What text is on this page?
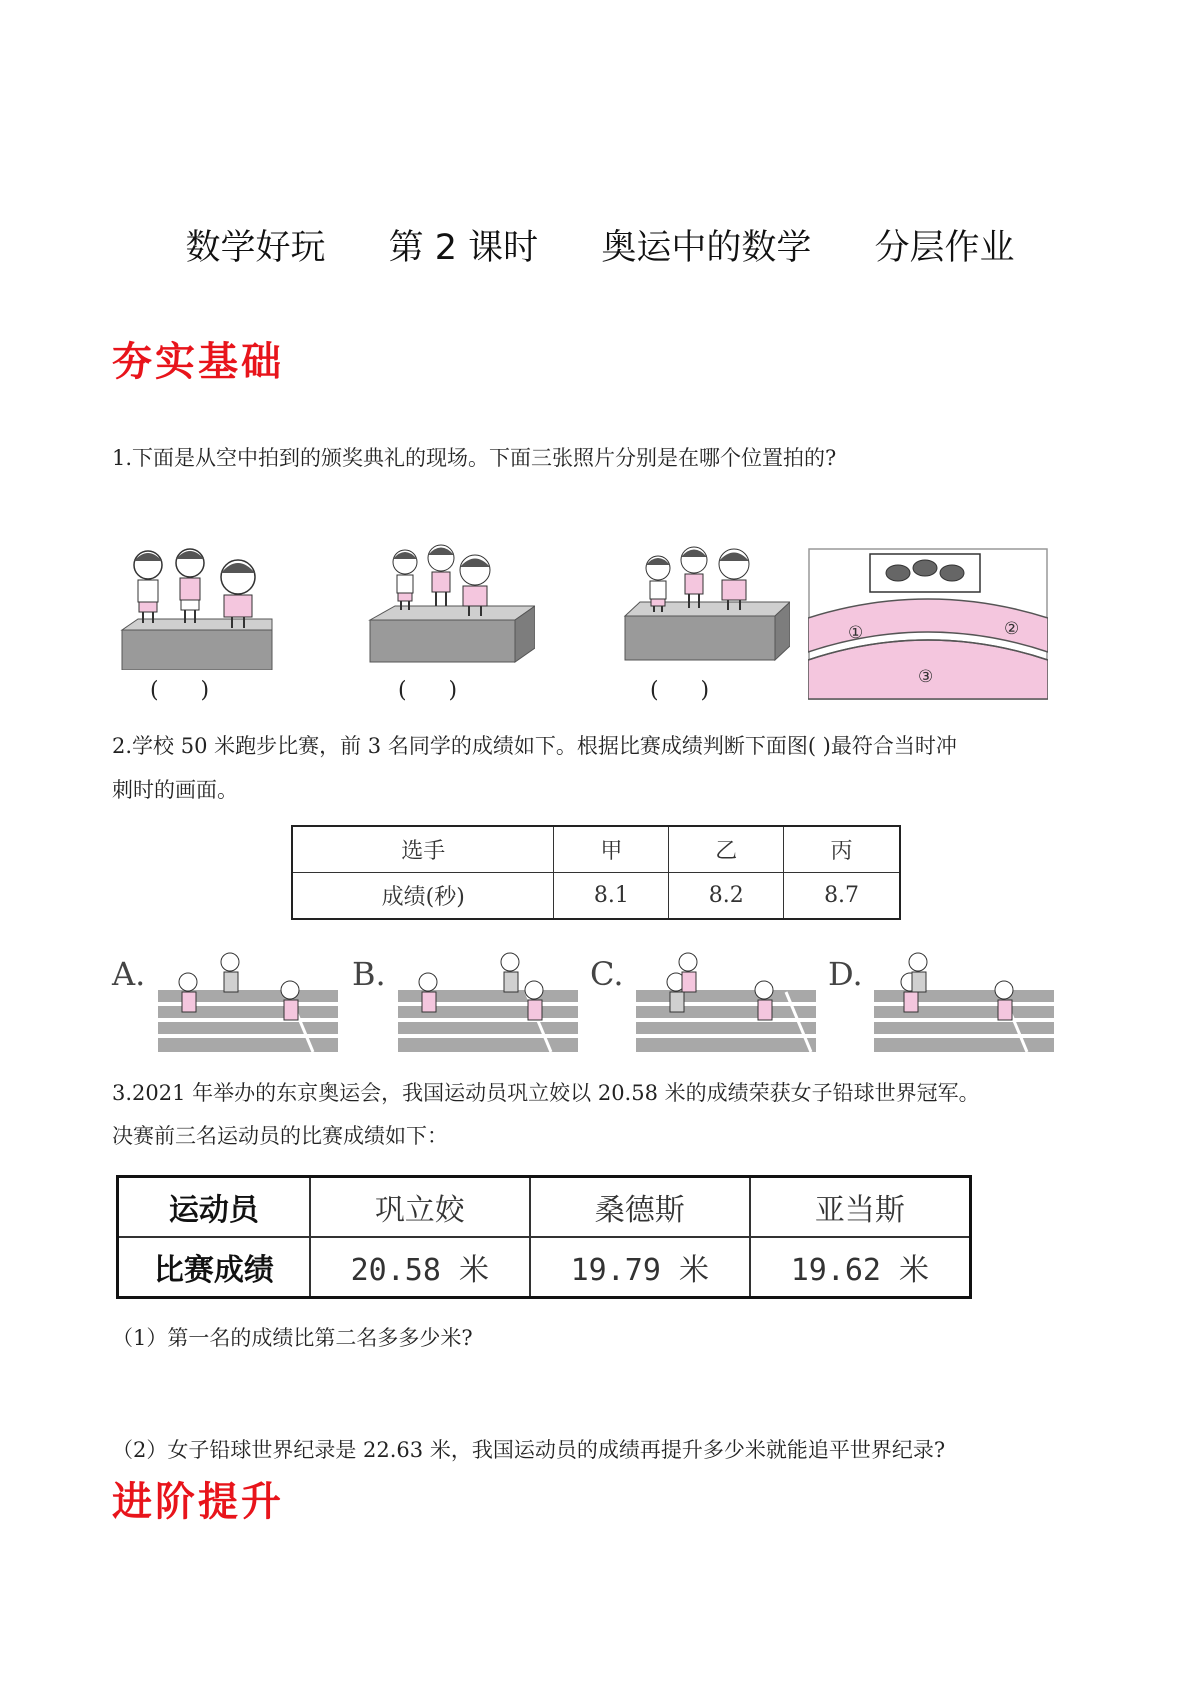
数学好玩 第 2 课时 奥运中的数学 分层作业
夯实基础
1.下面是从空中拍到的颁奖典礼的现场。下面三张照片分别是在哪个位置拍的?
(      )	(      )	(      )
①	②
③
2.学校 50 米跑步比赛，前 3 名同学的成绩如下。根据比赛成绩判断下面图( )最符合当时冲
刺时的画面。
选手	甲	乙	丙
成绩(秒)	8.1	8.2	8.7
A.	B.	C.	D.
3.2021 年举办的东京奥运会，我国运动员巩立姣以 20.58 米的成绩荣获女子铅球世界冠军。
决赛前三名运动员的比赛成绩如下：
运动员	巩立姣	桑德斯	亚当斯
比赛成绩	20.58 米	19.79 米	19.62 米
（1）第一名的成绩比第二名多多少米?
（2）女子铅球世界纪录是 22.63 米，我国运动员的成绩再提升多少米就能追平世界纪录?
进阶提升
